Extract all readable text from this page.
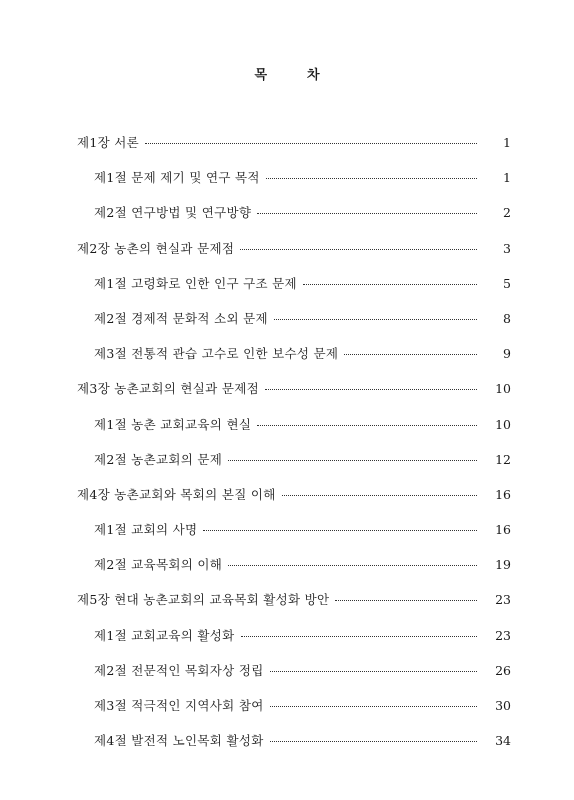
목	차
제1장 서론	1
제1절 문제 제기 및 연구 목적	1
제2절 연구방법 및 연구방향	2
제2장 농촌의 현실과 문제점	3
제1절 고령화로 인한 인구 구조 문제	5
제2절 경제적 문화적 소외 문제	8
제3절 전통적 관습 고수로 인한 보수성 문제	9
제3장 농촌교회의 현실과 문제점	10
제1절 농촌 교회교육의 현실	10
제2절 농촌교회의 문제	12
제4장 농촌교회와 목회의 본질 이해	16
제1절 교회의 사명	16
제2절 교육목회의 이해	19
제5장 현대 농촌교회의 교육목회 활성화 방안	23
제1절 교회교육의 활성화	23
제2절 전문적인 목회자상 정립	26
제3절 적극적인 지역사회 참여	30
제4절 발전적 노인목회 활성화	34
